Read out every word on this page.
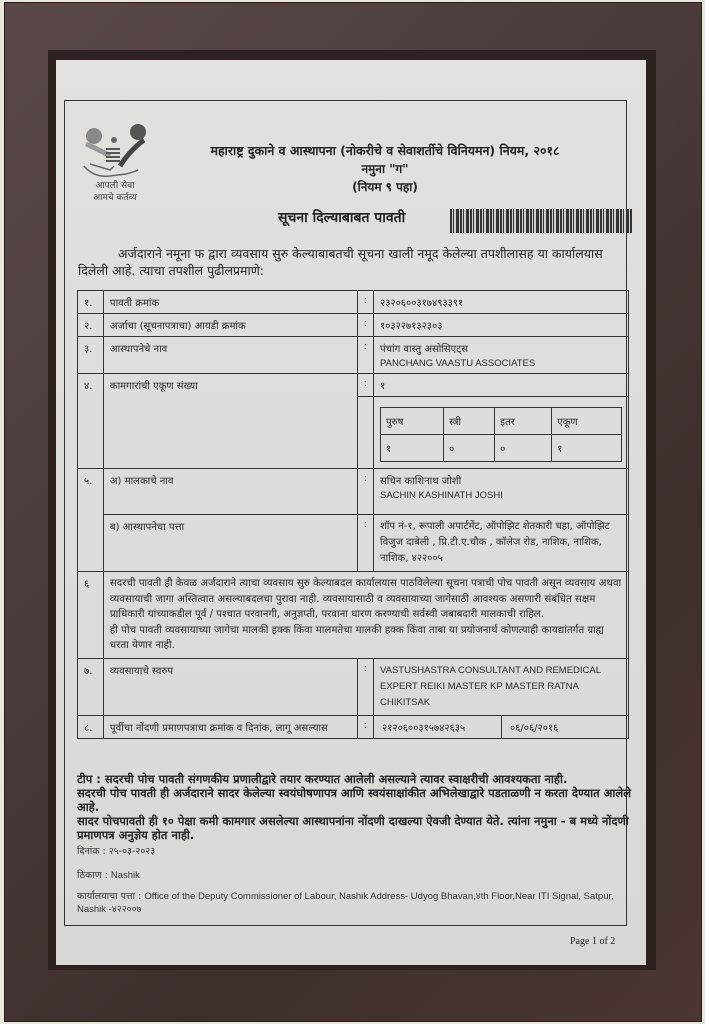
आपली सेवा
आमचे कर्तव्य
महाराष्ट्र दुकाने व आस्थापना (नोकरीचे व सेवाशर्तीचे विनियमन) नियम, २०१८
नमुना "ग"
(नियम ९ पहा)
सूचना दिल्याबाबत पावती
अर्जदाराने नमूना फ द्वारा व्यवसाय सुरु केल्याबाबतची सूचना खाली नमूद केलेल्या तपशीलासह या कार्यालयास दिलेली आहे. त्याचा तपशील पुढीलप्रमाणे:
१.	पावती क्रमांक	:	२३२०६००३१७४९३३९१
२.	अर्जाचा (सूचनापत्राचा) आयडी क्रमांक	:	१०३२२७१३२३०३
३.	आस्थापनेचे नाव	:	पंचांग वास्तु असोसिएट्स
PANCHANG VAASTU ASSOCIATES

४.	कामगारांची एकूण संख्या	:	१

पुरुष	स्त्री	इतर	एकूण
१	०	०	१

५.	अ) मालकाचे नाव	:	सचिन काशिनाथ जोशी
SACHIN KASHINATH JOSHI

ब) आस्थापनेचा पत्ता	:	शॉप नं-१, रूपाली अपार्टमेंट, ऑपोझिट शेतकारी चहा, ऑपोझिट विजुज दाबेली , प्रि.टी.ए.चौक , कॉलेज रोड, नाशिक, नाशिक, नाशिक, ४२२००५
६	सदरची पावती ही केवळ अर्जदाराने त्याचा व्यवसाय सुरु केल्याबदल कार्यालयास पाठविलेल्या सूचना पत्राची पोच पावती असून व्यवसाय अथवा व्यवसायाची जागा अस्तित्वात असल्याबदलचा पुरावा नाही. व्यवसायासाठी व व्यवसायाच्या जागेसाठी आवश्यक असणारी संबंधित सक्षम प्राधिकारी यांच्याकडील पूर्व / पश्चात परवानगी, अनुज्ञप्ती, परवाना धारण करण्याची सर्वस्वी जबाबदारी मालकाची राहिल.
ही पोच पावती व्यवसायाच्या जागेचा मालकी हक्क किंवा मालमतेचा मालकी हक्क किंवा ताबा या प्रयोजनार्थ कोणत्याही कायद्यांतर्गत ग्राह्य धरता येणार नाही.

७.	व्यवसायाचे स्वरुप	:	VASTUSHASTRA CONSULTANT AND REMEDICAL EXPERT REIKI MASTER KP MASTER RATNA CHIKITSAK
८.	पूर्वीचा नोंदणी प्रमाणपत्राचा क्रमांक व दिनांक, लागू असल्यास	:	२१२०६००३१५७४२६३५	०६/०६/२०१६
टीप : सदरची पोच पावती संगणकीय प्रणालीद्वारे तयार करण्यात आलेली असल्याने त्यावर स्वाक्षरीची आवश्यकता नाही.
सदरची पोच पावती ही अर्जदाराने सादर केलेल्या स्वयंघोषणापत्र आणि स्वयंसाक्षांकीत अभिलेखाद्वारे पडताळणी न करता देण्यात आलेले आहे.
सादर पोचपावती ही १० पेक्षा कमी कामगार असलेल्या आस्थापनांना नोंदणी दाखल्या ऐवजी देण्यात येते. त्यांना नमुना - ब मध्ये नोंदणी प्रमाणपत्र अनुज्ञेय होत नाही.
दिनांक : २५-०३-२०२३
ठिकाण : Nashik
कार्यालयाचा पत्ता : Office of the Deputy Commissioner of Labour, Nashik Address- Udyog Bhavan,४th Floor,Near ITI Signal, Satpur, Nashik -४२२००७
Page 1 of 2
